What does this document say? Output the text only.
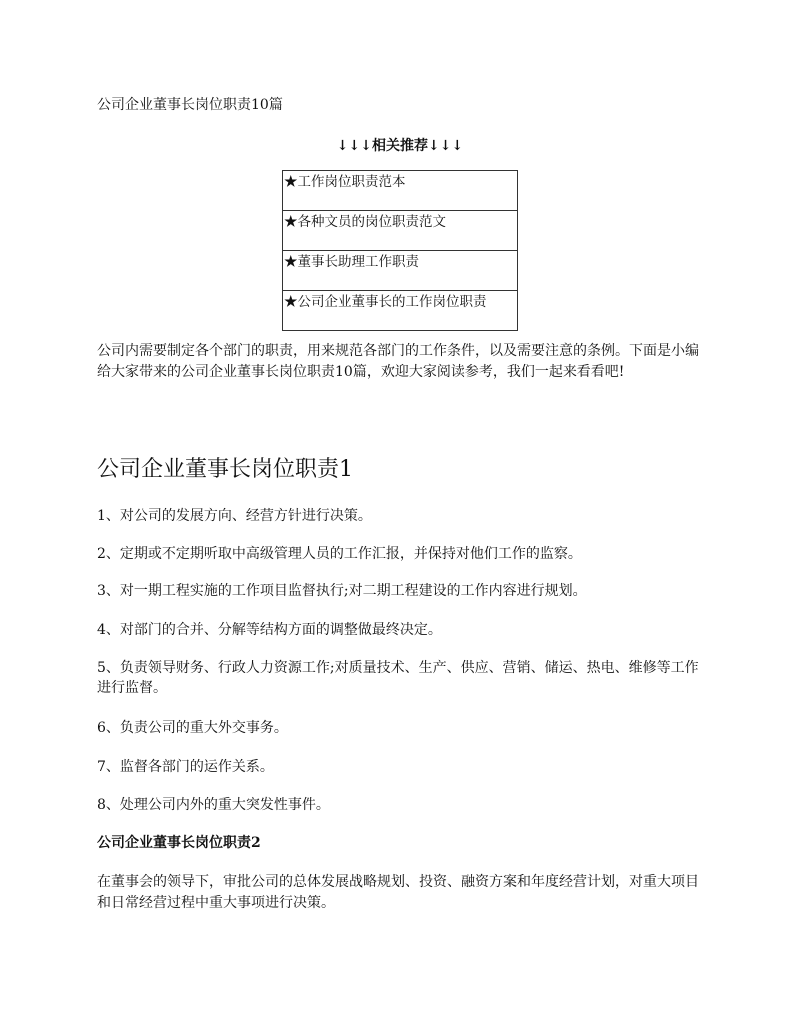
公司企业董事长岗位职责10篇
↓↓↓相关推荐↓↓↓
★工作岗位职责范本
★各种文员的岗位职责范文
★董事长助理工作职责
★公司企业董事长的工作岗位职责
公司内需要制定各个部门的职责，用来规范各部门的工作条件，以及需要注意的条例。下面是小编给大家带来的公司企业董事长岗位职责10篇，欢迎大家阅读参考，我们一起来看看吧!
公司企业董事长岗位职责1
1、对公司的发展方向、经营方针进行决策。
2、定期或不定期听取中高级管理人员的工作汇报，并保持对他们工作的监察。
3、对一期工程实施的工作项目监督执行;对二期工程建设的工作内容进行规划。
4、对部门的合并、分解等结构方面的调整做最终决定。
5、负责领导财务、行政人力资源工作;对质量技术、生产、供应、营销、储运、热电、维修等工作进行监督。
6、负责公司的重大外交事务。
7、监督各部门的运作关系。
8、处理公司内外的重大突发性事件。
公司企业董事长岗位职责2
在董事会的领导下，审批公司的总体发展战略规划、投资、融资方案和年度经营计划，对重大项目和日常经营过程中重大事项进行决策。
